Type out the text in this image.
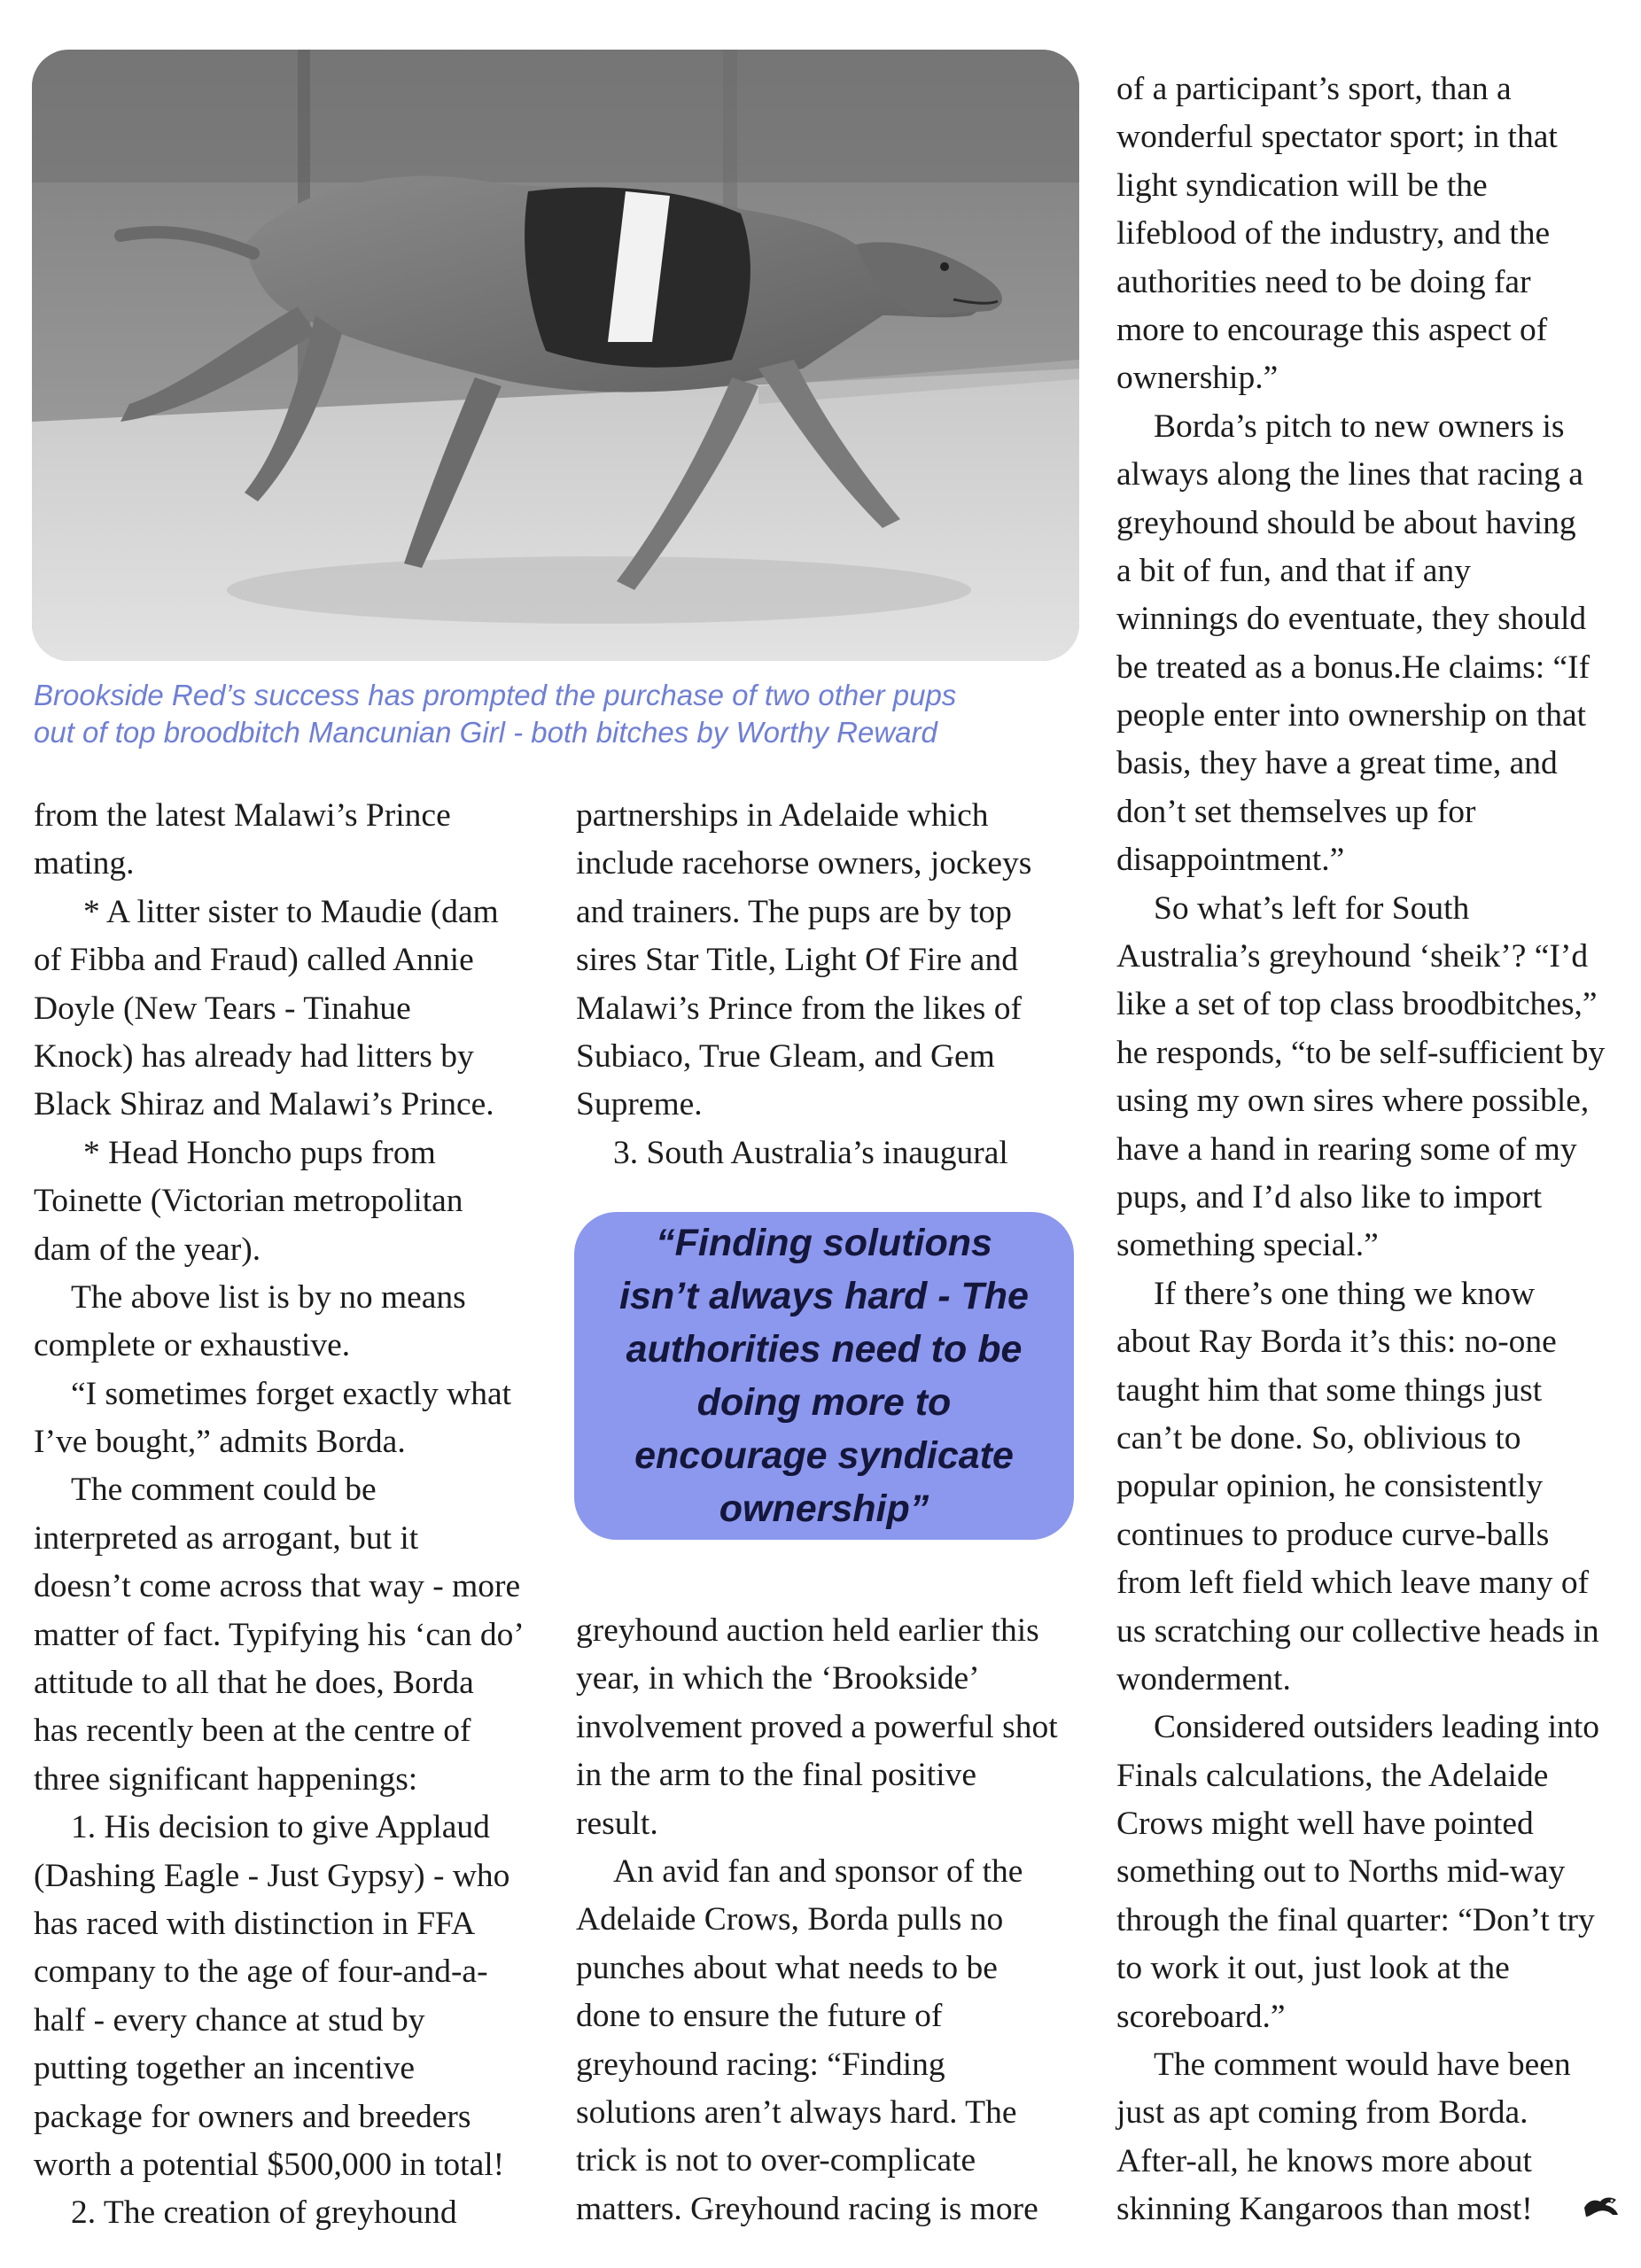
Brookside Red’s success has prompted the purchase of two other pups
out of top broodbitch Mancunian Girl - both bitches by Worthy Reward
from the latest Malawi’s Prince
mating.
* A litter sister to Maudie (dam
of Fibba and Fraud) called Annie
Doyle (New Tears - Tinahue
Knock) has already had litters by
Black Shiraz and Malawi’s Prince.
* Head Honcho pups from
Toinette (Victorian metropolitan
dam of the year).
The above list is by no means
complete or exhaustive.
“I sometimes forget exactly what
I’ve bought,” admits Borda.
The comment could be
interpreted as arrogant, but it
doesn’t come across that way - more
matter of fact. Typifying his ‘can do’
attitude to all that he does, Borda
has recently been at the centre of
three significant happenings:
1. His decision to give Applaud
(Dashing Eagle - Just Gypsy) - who
has raced with distinction in FFA
company to the age of four-and-a-
half - every chance at stud by
putting together an incentive
package for owners and breeders
worth a potential $500,000 in total!
2. The creation of greyhound
partnerships in Adelaide which
include racehorse owners, jockeys
and trainers. The pups are by top
sires Star Title, Light Of Fire and
Malawi’s Prince from the likes of
Subiaco, True Gleam, and Gem
Supreme.
3. South Australia’s inaugural
“Finding solutions
isn’t always hard - The
authorities need to be
doing more to
encourage syndicate
ownership”
greyhound auction held earlier this
year, in which the ‘Brookside’
involvement proved a powerful shot
in the arm to the final positive
result.
An avid fan and sponsor of the
Adelaide Crows, Borda pulls no
punches about what needs to be
done to ensure the future of
greyhound racing: “Finding
solutions aren’t always hard. The
trick is not to over-complicate
matters. Greyhound racing is more
of a participant’s sport, than a
wonderful spectator sport; in that
light syndication will be the
lifeblood of the industry, and the
authorities need to be doing far
more to encourage this aspect of
ownership.”
Borda’s pitch to new owners is
always along the lines that racing a
greyhound should be about having
a bit of fun, and that if any
winnings do eventuate, they should
be treated as a bonus.He claims: “If
people enter into ownership on that
basis, they have a great time, and
don’t set themselves up for
disappointment.”
So what’s left for South
Australia’s greyhound ‘sheik’? “I’d
like a set of top class broodbitches,”
he responds, “to be self-sufficient by
using my own sires where possible,
have a hand in rearing some of my
pups, and I’d also like to import
something special.”
If there’s one thing we know
about Ray Borda it’s this: no-one
taught him that some things just
can’t be done. So, oblivious to
popular opinion, he consistently
continues to produce curve-balls
from left field which leave many of
us scratching our collective heads in
wonderment.
Considered outsiders leading into
Finals calculations, the Adelaide
Crows might well have pointed
something out to Norths mid-way
through the final quarter: “Don’t try
to work it out, just look at the
scoreboard.”
The comment would have been
just as apt coming from Borda.
After-all, he knows more about
skinning Kangaroos than most!
